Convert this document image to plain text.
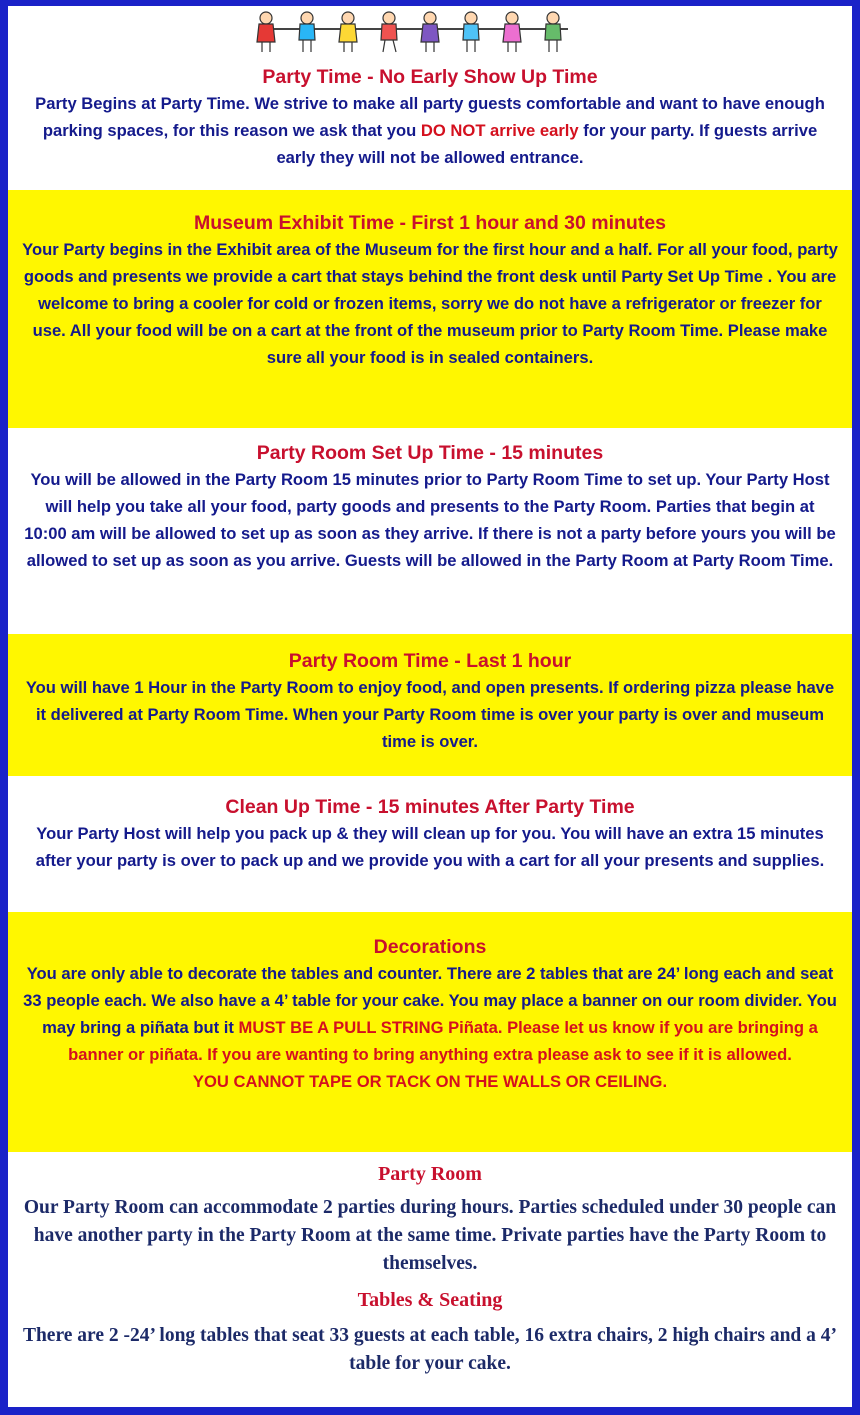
Party Time - No Early Show Up Time

Party Begins at Party Time. We strive to make all party guests comfortable and want to have enough parking spaces, for this reason we ask that you DO NOT arrive early for your party. If guests arrive early they will not be allowed entrance.

Museum Exhibit Time - First 1 hour and 30 minutes

Your Party begins in the Exhibit area of the Museum for the first hour and a half. For all your food, party goods and presents we provide a cart that stays behind the front desk until Party Set Up Time . You are welcome to bring a cooler for cold or frozen items, sorry we do not have a refrigerator or freezer for use. All your food will be on a cart at the front of the museum prior to Party Room Time. Please make sure all your food is in sealed containers.

Party Room Set Up Time - 15 minutes

You will be allowed in the Party Room 15 minutes prior to Party Room Time to set up. Your Party Host will help you take all your food, party goods and presents to the Party Room. Parties that begin at 10:00 am will be allowed to set up as soon as they arrive. If there is not a party before yours you will be allowed to set up as soon as you arrive. Guests will be allowed in the Party Room at Party Room Time.

Party Room Time - Last 1 hour

You will have 1 Hour in the Party Room to enjoy food, and open presents. If ordering pizza please have it delivered at Party Room Time. When your Party Room time is over your party is over and museum time is over.

Clean Up Time - 15 minutes After Party Time

Your Party Host will help you pack up & they will clean up for you. You will have an extra 15 minutes after your party is over to pack up and we provide you with a cart for all your presents and supplies.

Decorations

You are only able to decorate the tables and counter. There are 2 tables that are 24’ long each and seat 33 people each. We also have a 4’ table for your cake. You may place a banner on our room divider. You may bring a piñata but it MUST BE A PULL STRING Piñata. Please let us know if you are bringing a banner or piñata. If you are wanting to bring anything extra please ask to see if it is allowed.
YOU CANNOT TAPE OR TACK ON THE WALLS OR CEILING.

Party Room

Our Party Room can accommodate 2 parties during hours. Parties scheduled under 30 people can have another party in the Party Room at the same time. Private parties have the Party Room to themselves.

Tables & Seating

There are 2 -24’ long tables that seat 33 guests at each table, 16 extra chairs, 2 high chairs and a 4’ table for your cake.
